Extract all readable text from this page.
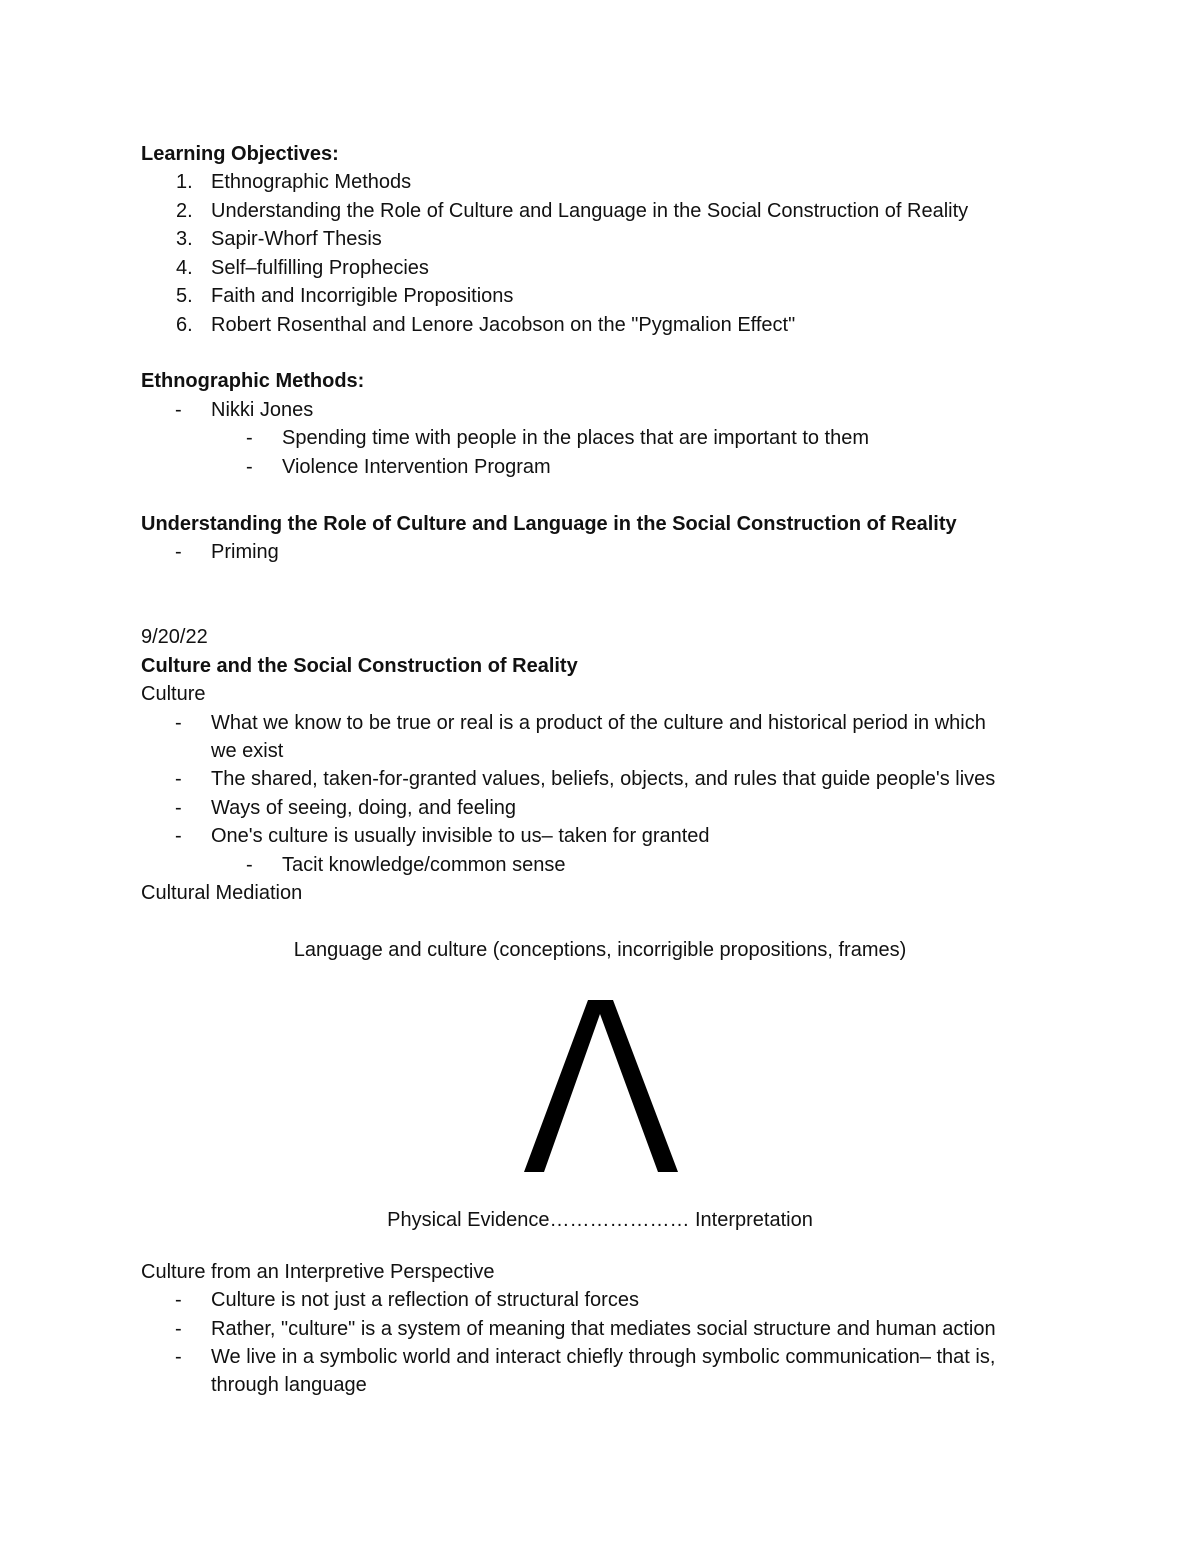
Learning Objectives:
1. Ethnographic Methods
2. Understanding the Role of Culture and Language in the Social Construction of Reality
3. Sapir-Whorf Thesis
4. Self–fulfilling Prophecies
5. Faith and Incorrigible Propositions
6. Robert Rosenthal and Lenore Jacobson on the "Pygmalion Effect"
Ethnographic Methods:
- Nikki Jones
- Spending time with people in the places that are important to them
- Violence Intervention Program
Understanding the Role of Culture and Language in the Social Construction of Reality
- Priming
9/20/22
Culture and the Social Construction of Reality
Culture
- What we know to be true or real is a product of the culture and historical period in which
we exist
- The shared, taken-for-granted values, beliefs, objects, and rules that guide people's lives
- Ways of seeing, doing, and feeling
- One's culture is usually invisible to us– taken for granted
- Tacit knowledge/common sense
Cultural Mediation
Language and culture (conceptions, incorrigible propositions, frames)
Physical Evidence………………… Interpretation
Culture from an Interpretive Perspective
- Culture is not just a reflection of structural forces
- Rather, "culture" is a system of meaning that mediates social structure and human action
- We live in a symbolic world and interact chiefly through symbolic communication– that is,
through language
